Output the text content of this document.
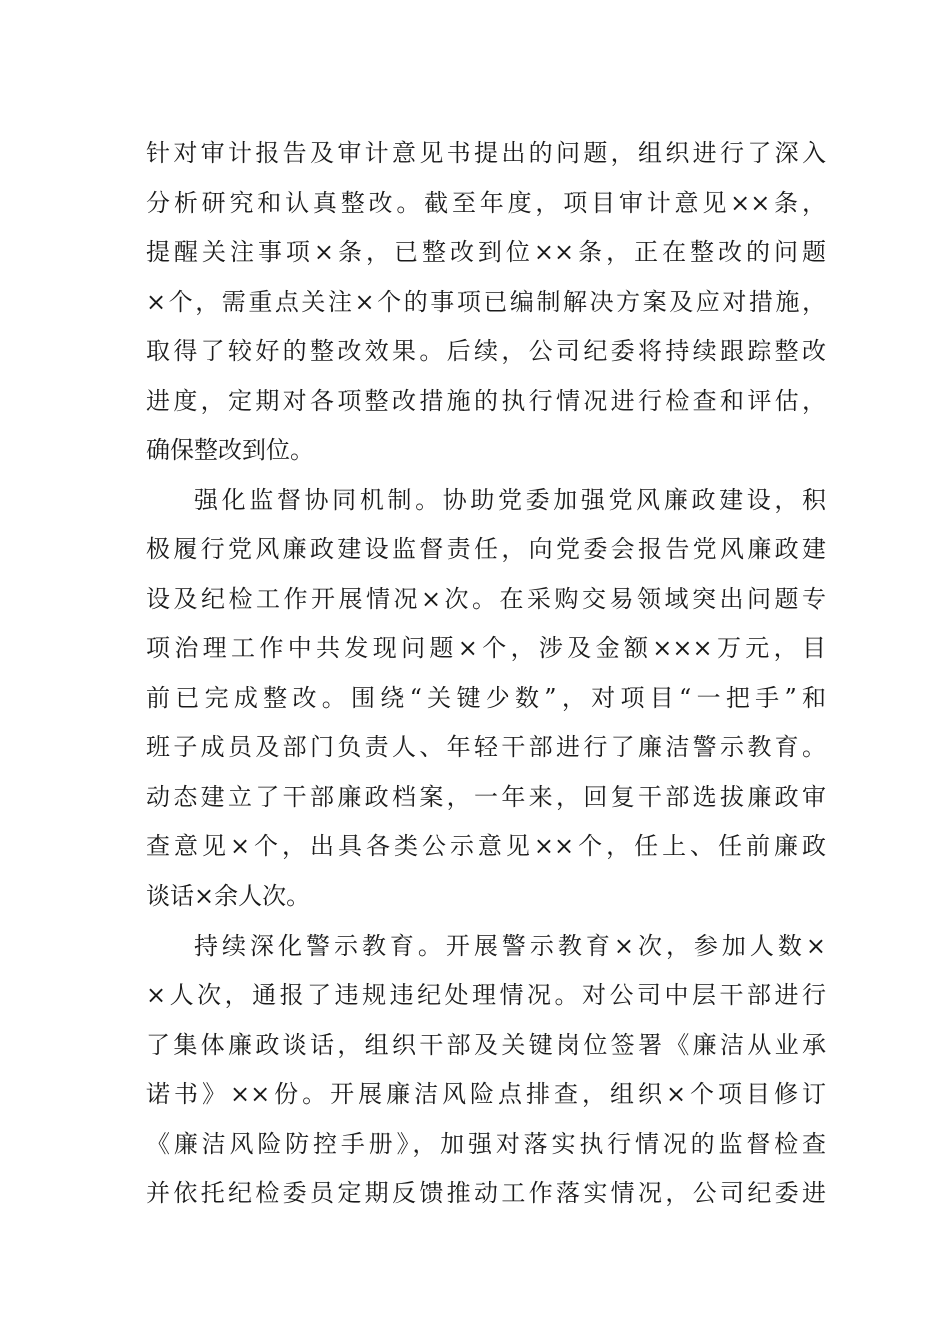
针对审计报告及审计意见书提出的问题，组织进行了深入
分析研究和认真整改。截至年度，项目审计意见××条，
提醒关注事项×条，已整改到位××条，正在整改的问题
×个，需重点关注×个的事项已编制解决方案及应对措施，
取得了较好的整改效果。后续，公司纪委将持续跟踪整改
进度，定期对各项整改措施的执行情况进行检查和评估，
确保整改到位。
强化监督协同机制。协助党委加强党风廉政建设，积
极履行党风廉政建设监督责任，向党委会报告党风廉政建
设及纪检工作开展情况×次。在采购交易领域突出问题专
项治理工作中共发现问题×个，涉及金额×××万元，目
前已完成整改。围绕“关键少数”，对项目“一把手”和
班子成员及部门负责人、年轻干部进行了廉洁警示教育。
动态建立了干部廉政档案，一年来，回复干部选拔廉政审
查意见×个，出具各类公示意见××个，任上、任前廉政
谈话×余人次。
持续深化警示教育。开展警示教育×次，参加人数×
×人次，通报了违规违纪处理情况。对公司中层干部进行
了集体廉政谈话，组织干部及关键岗位签署《廉洁从业承
诺书》××份。开展廉洁风险点排查，组织×个项目修订
《廉洁风险防控手册》，加强对落实执行情况的监督检查
并依托纪检委员定期反馈推动工作落实情况，公司纪委进
